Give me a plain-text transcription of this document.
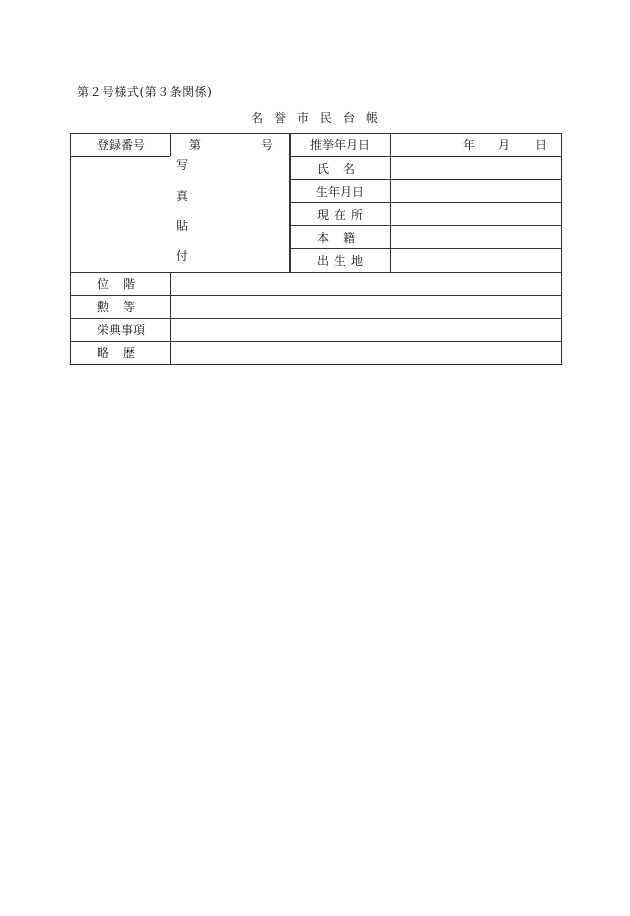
第２号様式(第３条関係)
名誉市民台帳
登録番号	第	号	推挙年月日	年 月 日
写
真
貼
付
氏　名
生年月日
現在所
本　籍
出生地
位　階
勲　等
栄典事項
略　歴
